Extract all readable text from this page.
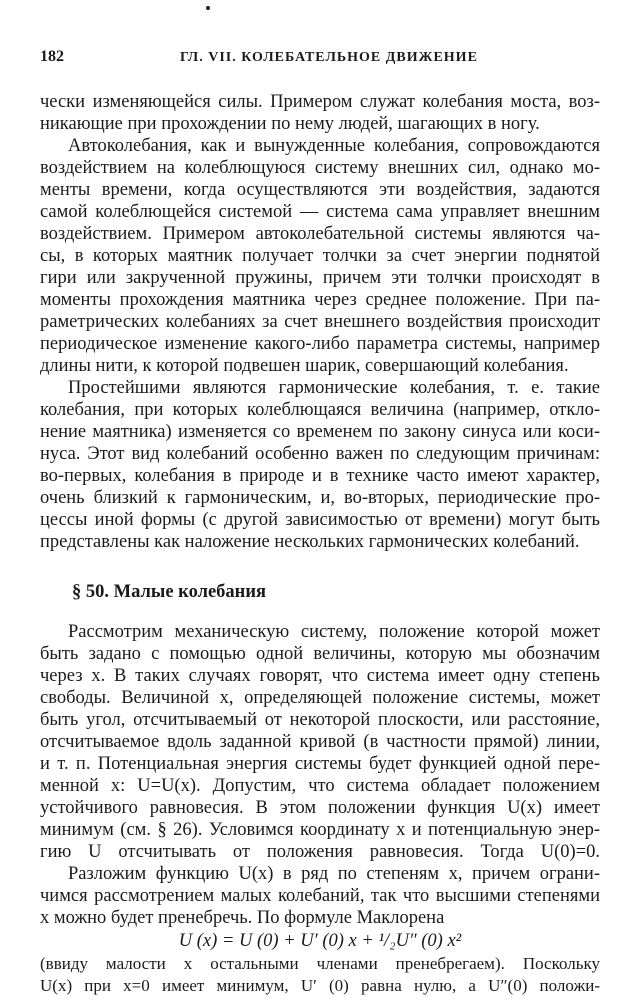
182	ГЛ. VII. КОЛЕБАТЕЛЬНОЕ ДВИЖЕНИЕ
чески изменяющейся силы. Примером служат колебания моста, воз-
никающие при прохождении по нему людей, шагающих в ногу.
Автоколебания, как и вынужденные колебания, сопровождаются
воздействием на колеблющуюся систему внешних сил, однако мо-
менты времени, когда осуществляются эти воздействия, задаются
самой колеблющейся системой — система сама управляет внешним
воздействием. Примером автоколебательной системы являются ча-
сы, в которых маятник получает толчки за счет энергии поднятой
гири или закрученной пружины, причем эти толчки происходят в
моменты прохождения маятника через среднее положение. При па-
раметрических колебаниях за счет внешнего воздействия происходит
периодическое изменение какого-либо параметра системы, например
длины нити, к которой подвешен шарик, совершающий колебания.
Простейшими являются гармонические колебания, т. е. такие
колебания, при которых колеблющаяся величина (например, откло-
нение маятника) изменяется со временем по закону синуса или коси-
нуса. Этот вид колебаний особенно важен по следующим причинам:
во-первых, колебания в природе и в технике часто имеют характер,
очень близкий к гармоническим, и, во-вторых, периодические про-
цессы иной формы (с другой зависимостью от времени) могут быть
представлены как наложение нескольких гармонических колебаний.
§ 50. Малые колебания
Рассмотрим механическую систему, положение которой может
быть задано с помощью одной величины, которую мы обозначим
через x. В таких случаях говорят, что система имеет одну степень
свободы. Величиной x, определяющей положение системы, может
быть угол, отсчитываемый от некоторой плоскости, или расстояние,
отсчитываемое вдоль заданной кривой (в частности прямой) линии,
и т. п. Потенциальная энергия системы будет функцией одной пере-
менной x: U=U(x). Допустим, что система обладает положением
устойчивого равновесия. В этом положении функция U(x) имеет
минимум (см. § 26). Условимся координату x и потенциальную энер-
гию U отсчитывать от положения равновесия. Тогда U(0)=0.
Разложим функцию U(x) в ряд по степеням x, причем ограни-
чимся рассмотрением малых колебаний, так что высшими степенями
x можно будет пренебречь. По формуле Маклорена
U (x) = U (0) + U′ (0) x + ¹/₂U″ (0) x²
(ввиду малости x остальными членами пренебрегаем). Поскольку
U(x) при x=0 имеет минимум, U′ (0) равна нулю, а U″(0) положи-
